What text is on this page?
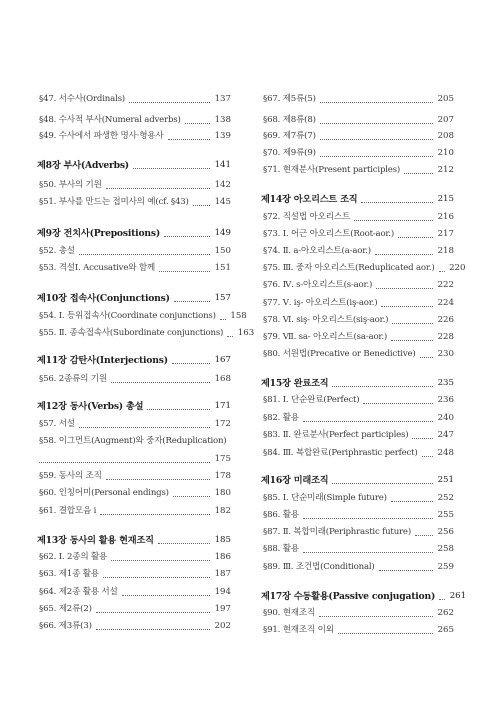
§47. 서수사(Ordinals)	137
§48. 수사적 부사(Numeral adverbs)	138
§49. 수사에서 파생한 명사·형용사	139
제8장 부사(Adverbs)	141
§50. 부사의 기원	142
§51. 부사를 만드는 접미사의 예(cf. §43)	145
제9장 전치사(Prepositions)	149
§52. 총설	150
§53. 격설Ⅰ. Accusative와 함께	151
제10장 접속사(Conjunctions)	157
§54. Ⅰ. 등위접속사(Coordinate conjunctions) 158
§55. Ⅱ. 종속접속사(Subordinate conjunctions) 163
제11장 감탄사(Interjections)	167
§56. 2종류의 기원	168
제12장 동사(Verbs) 총설	171
§57. 서설	172
§58. 이그먼트(Augment)와 중자(Reduplication)
175
§59. 동사의 조직	178
§60. 인칭어미(Personal endings)	180
§61. 결합모음 i	182
제13장 동사의 활용 현재조직	185
§62. Ⅰ. 2종의 활용	186
§63. 제1종 활용	187
§64. 제2종 활용 서설	194
§65. 제2류(2)	197
§66. 제3류(3)	202
§67. 제5류(5)	205
§68. 제8류(8)	207
§69. 제7류(7)	208
§70. 제9류(9)	210
§71. 현재분사(Present participles)	212
제14장 아오리스트 조직	215
§72. 직설법 아오리스트	216
§73. Ⅰ. 어근 아오리스트(Root-aor.)	217
§74. Ⅱ. a-아오리스트(a-aor.)	218
§75. Ⅲ. 중자 아오리스트(Reduplicated aor.) 220
§76. Ⅳ. s-아오리스트(s-aor.)	222
§77. Ⅴ. iş- 아오리스트(iş-aor.)	224
§78. Ⅵ. siş- 아오리스트(siş-aor.)	226
§79. Ⅶ. sa- 아오리스트(sa-aor.)	228
§80. 서원법(Precative or Benedictive)	230
제15장 완료조직	235
§81. Ⅰ. 단순완료(Perfect)	236
§82. 활용	240
§83. Ⅱ. 완료분사(Perfect participles)	247
§84. Ⅲ. 복합완료(Periphrastic perfect) 248
제16장 미래조직	251
§85. Ⅰ. 단순미래(Simple future)	252
§86. 활용	255
§87. Ⅱ. 복합미래(Periphrastic future)	256
§88. 활용	258
§89. Ⅲ. 조건법(Conditional)	259
제17장 수동활용(Passive conjugation) 261
§90. 현재조직	262
§91. 현재조직 이외	265
